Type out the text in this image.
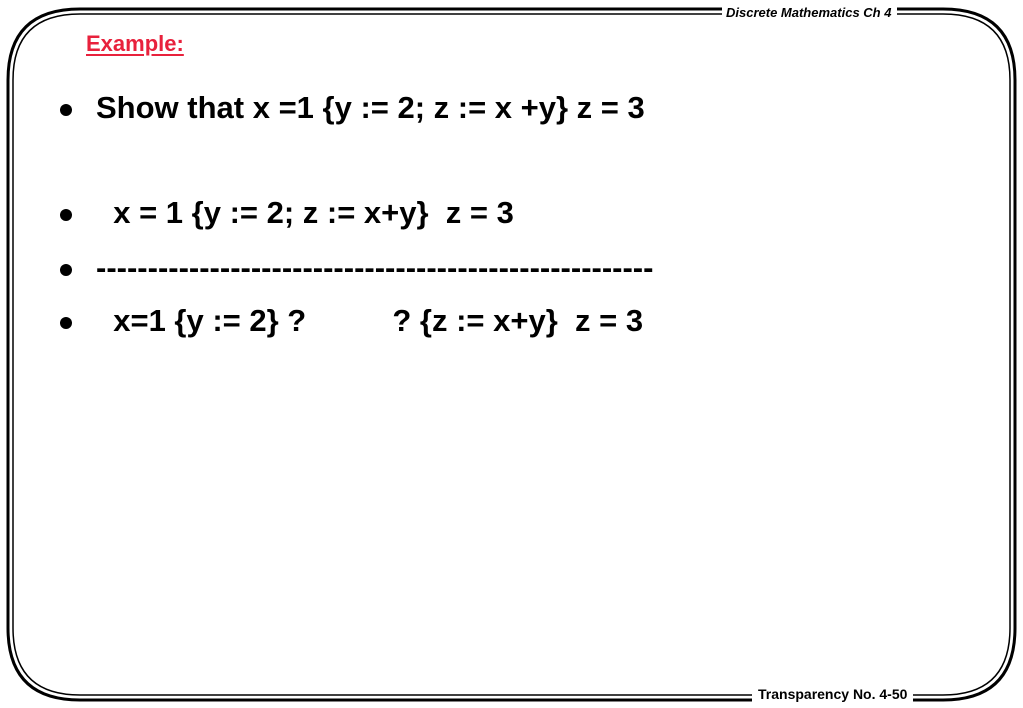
Discrete Mathematics Ch 4
Transparency No. 4-50
Example:

Show that x =1 {y := 2; z := x +y} z = 3

x = 1 {y := 2; z := x+y}  z = 3

------------------------------------------------------

x=1 {y := 2} ?          ? {z := x+y}  z = 3
